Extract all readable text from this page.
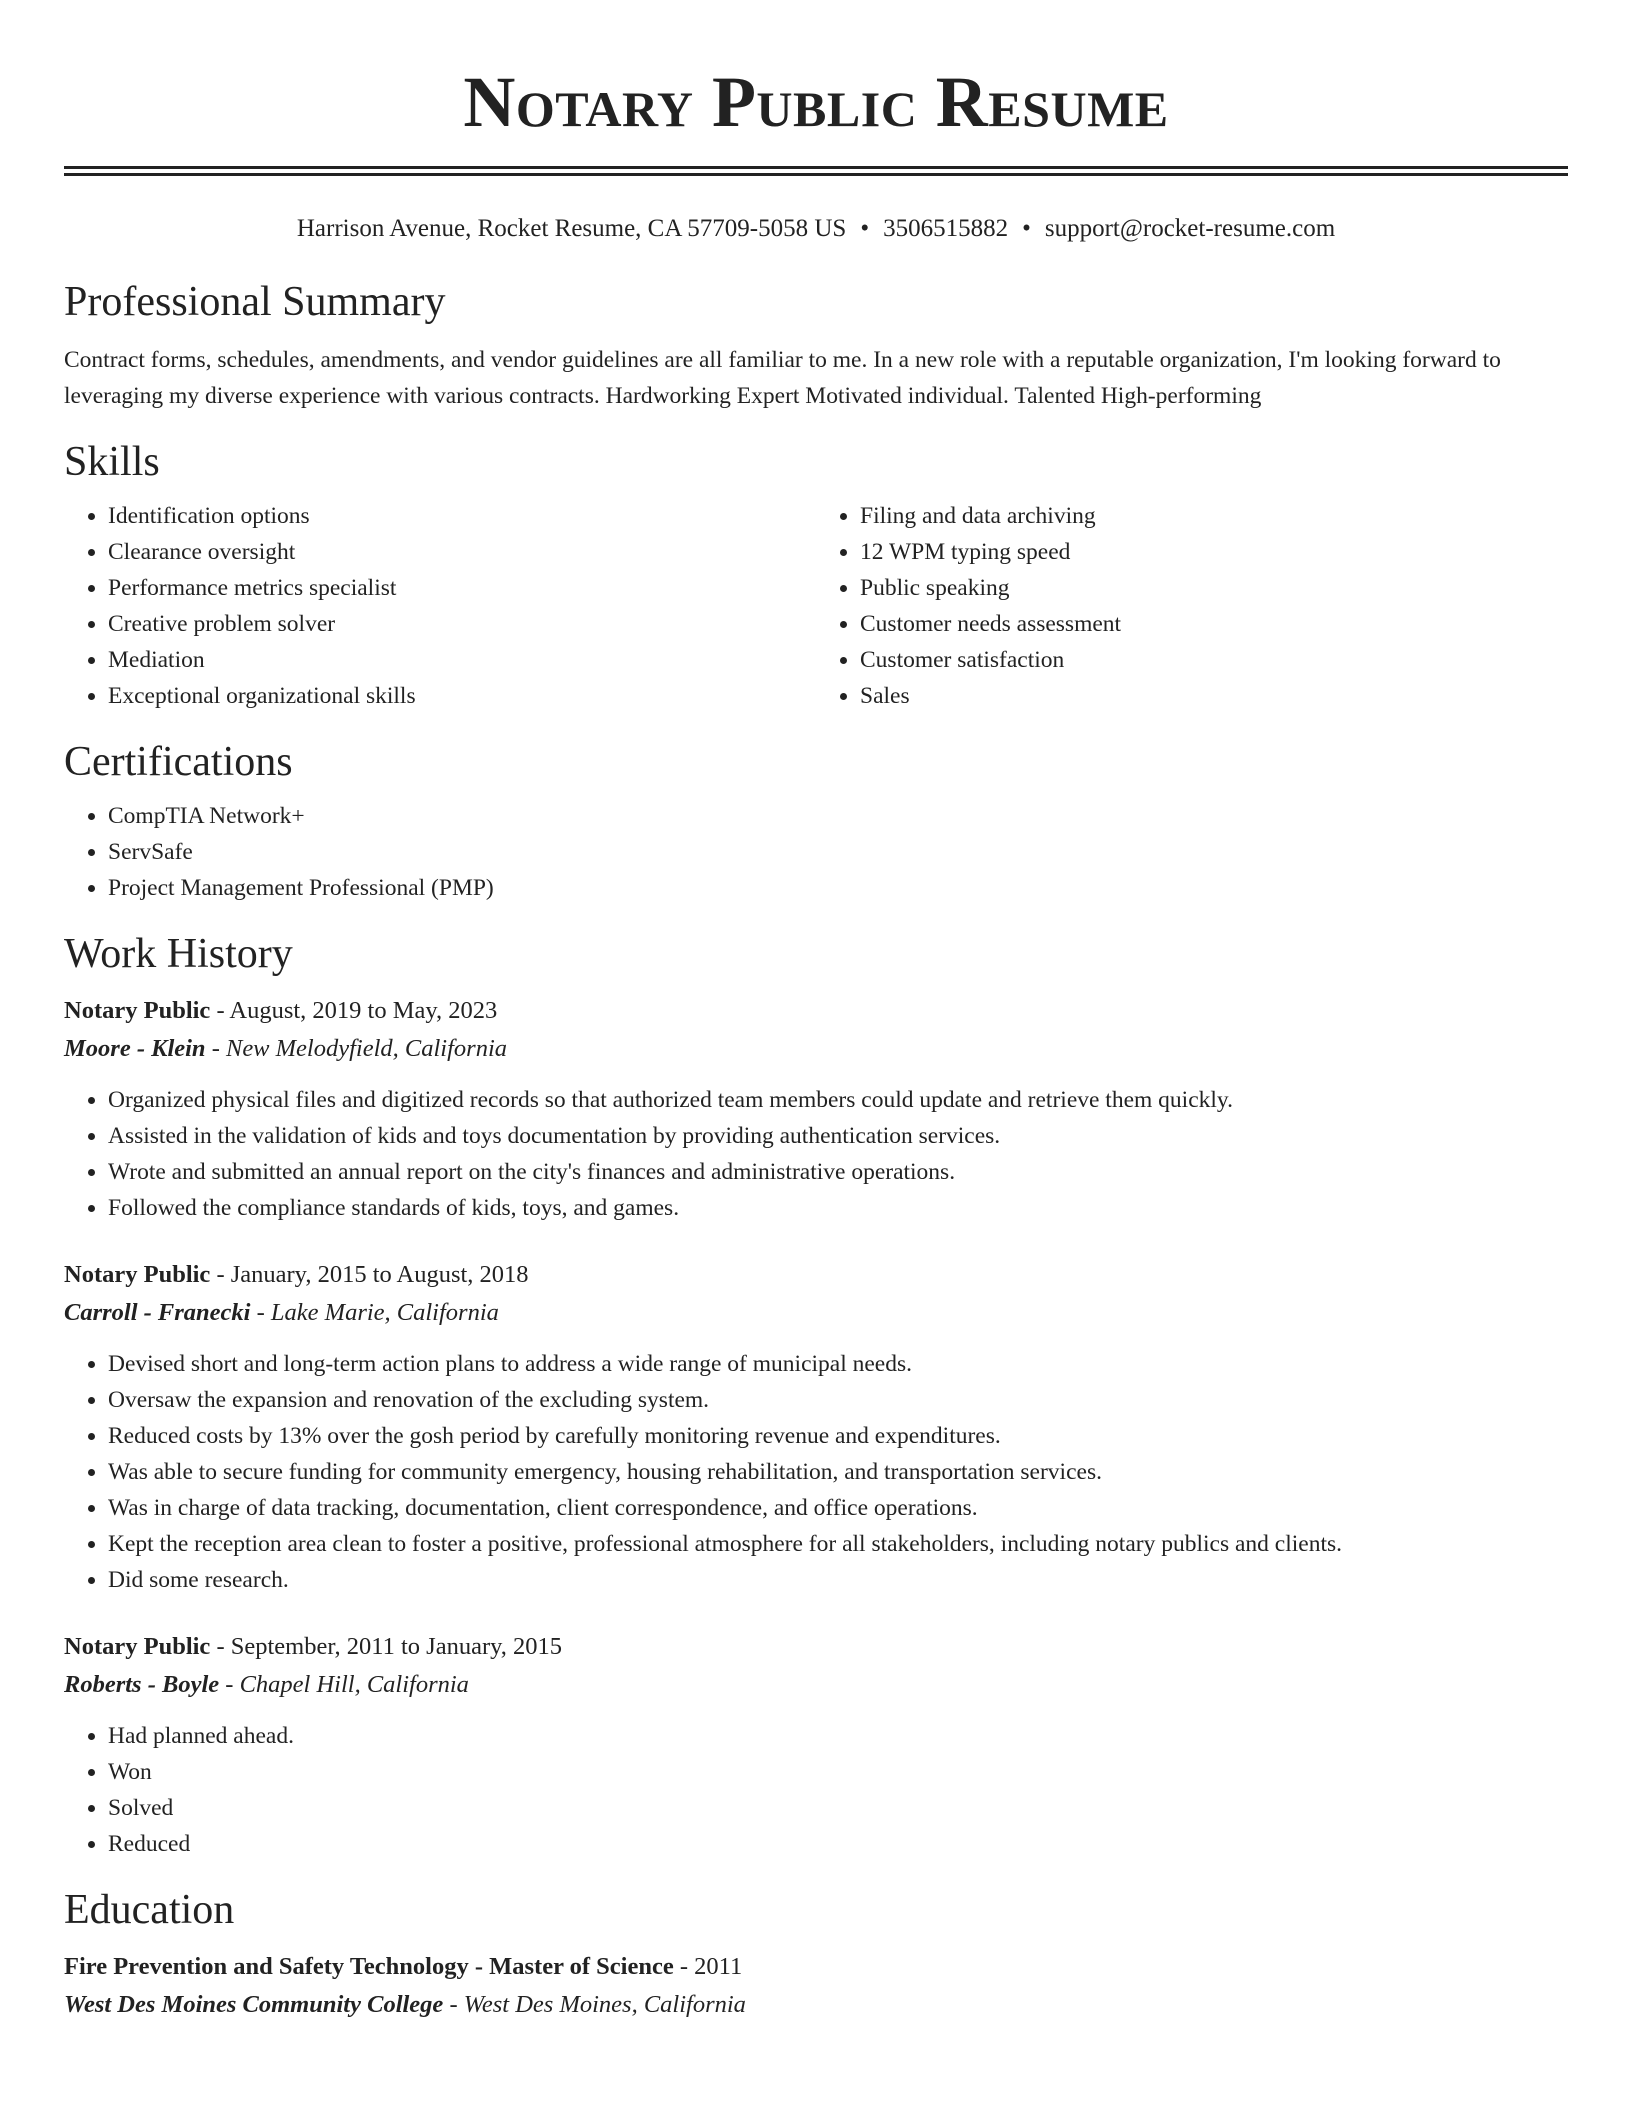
Notary Public Resume
Harrison Avenue, Rocket Resume, CA 57709-5058 US • 3506515882 • support@rocket-resume.com
Professional Summary

Contract forms, schedules, amendments, and vendor guidelines are all familiar to me. In a new role with a reputable organization, I'm looking forward to leveraging my diverse experience with various contracts. Hardworking Expert Motivated individual. Talented High-performing

Skills
• Identification options
• Clearance oversight
• Performance metrics specialist
• Creative problem solver
• Mediation
• Exceptional organizational skills
• Filing and data archiving
• 12 WPM typing speed
• Public speaking
• Customer needs assessment
• Customer satisfaction
• Sales
Certifications
• CompTIA Network+
• ServSafe
• Project Management Professional (PMP)
Work History
Notary Public - August, 2019 to May, 2023
Moore - Klein - New Melodyfield, California
• Organized physical files and digitized records so that authorized team members could update and retrieve them quickly.
• Assisted in the validation of kids and toys documentation by providing authentication services.
• Wrote and submitted an annual report on the city's finances and administrative operations.
• Followed the compliance standards of kids, toys, and games.
Notary Public - January, 2015 to August, 2018
Carroll - Franecki - Lake Marie, California
• Devised short and long-term action plans to address a wide range of municipal needs.
• Oversaw the expansion and renovation of the excluding system.
• Reduced costs by 13% over the gosh period by carefully monitoring revenue and expenditures.
• Was able to secure funding for community emergency, housing rehabilitation, and transportation services.
• Was in charge of data tracking, documentation, client correspondence, and office operations.
• Kept the reception area clean to foster a positive, professional atmosphere for all stakeholders, including notary publics and clients.
• Did some research.
Notary Public - September, 2011 to January, 2015
Roberts - Boyle - Chapel Hill, California
• Had planned ahead.
• Won
• Solved
• Reduced
Education
Fire Prevention and Safety Technology - Master of Science - 2011
West Des Moines Community College - West Des Moines, California
